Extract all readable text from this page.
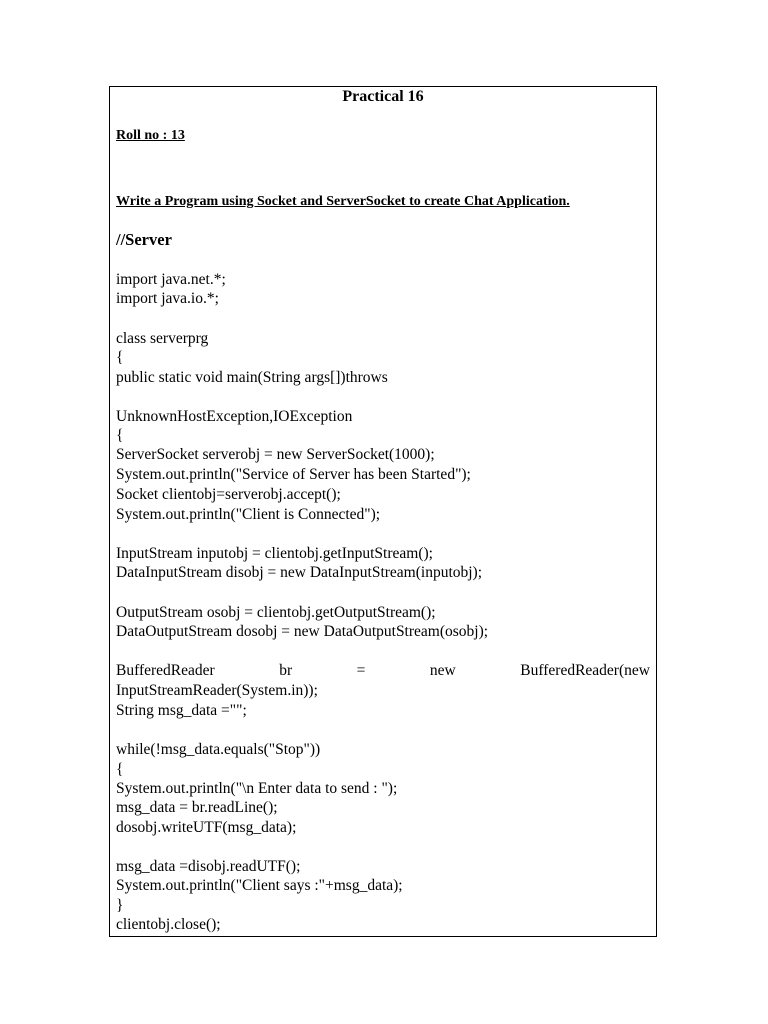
Practical 16
Roll no : 13
Write a Program using Socket and ServerSocket to create Chat Application.
//Server
import java.net.*;
import java.io.*;
class serverprg
{
public static void main(String args[])throws
UnknownHostException,IOException
{
ServerSocket serverobj = new ServerSocket(1000);
System.out.println("Service of Server has been Started");
Socket clientobj=serverobj.accept();
System.out.println("Client is Connected");
InputStream inputobj = clientobj.getInputStream();
DataInputStream disobj = new DataInputStream(inputobj);
OutputStream osobj = clientobj.getOutputStream();
DataOutputStream dosobj = new DataOutputStream(osobj);
BufferedReader	br	=	new	BufferedReader(new
InputStreamReader(System.in));
String msg_data ="";
while(!msg_data.equals("Stop"))
{
System.out.println("\n Enter data to send : ");
msg_data = br.readLine();
dosobj.writeUTF(msg_data);
msg_data =disobj.readUTF();
System.out.println("Client says :"+msg_data);
}
clientobj.close();
